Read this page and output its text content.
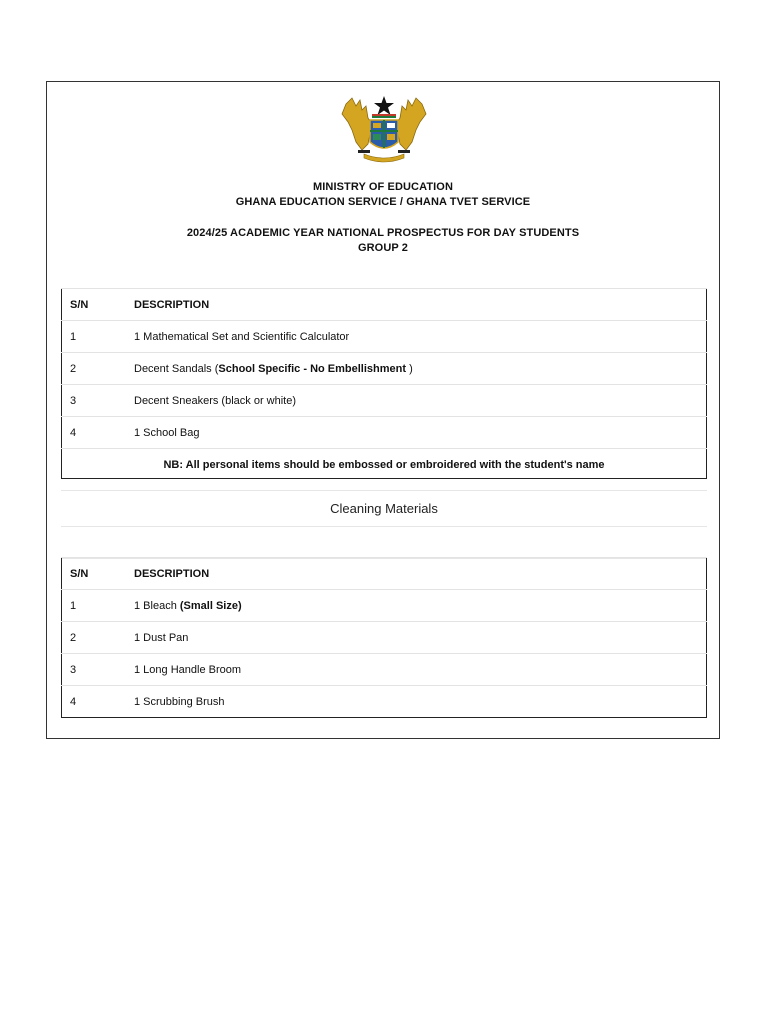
MINISTRY OF EDUCATION
GHANA EDUCATION SERVICE / GHANA TVET SERVICE
2024/25 ACADEMIC YEAR NATIONAL PROSPECTUS FOR DAY STUDENTS
GROUP 2
S/N	DESCRIPTION
1	1 Mathematical Set and Scientific Calculator
2	Decent Sandals (School Specific - No Embellishment )
3	Decent Sneakers (black or white)
4	1 School Bag
NB: All personal items should be embossed or embroidered with the student's name	
Cleaning Materials
S/N	DESCRIPTION
1	1 Bleach (Small Size)
2	1 Dust Pan
3	1 Long Handle Broom
4	1 Scrubbing Brush
